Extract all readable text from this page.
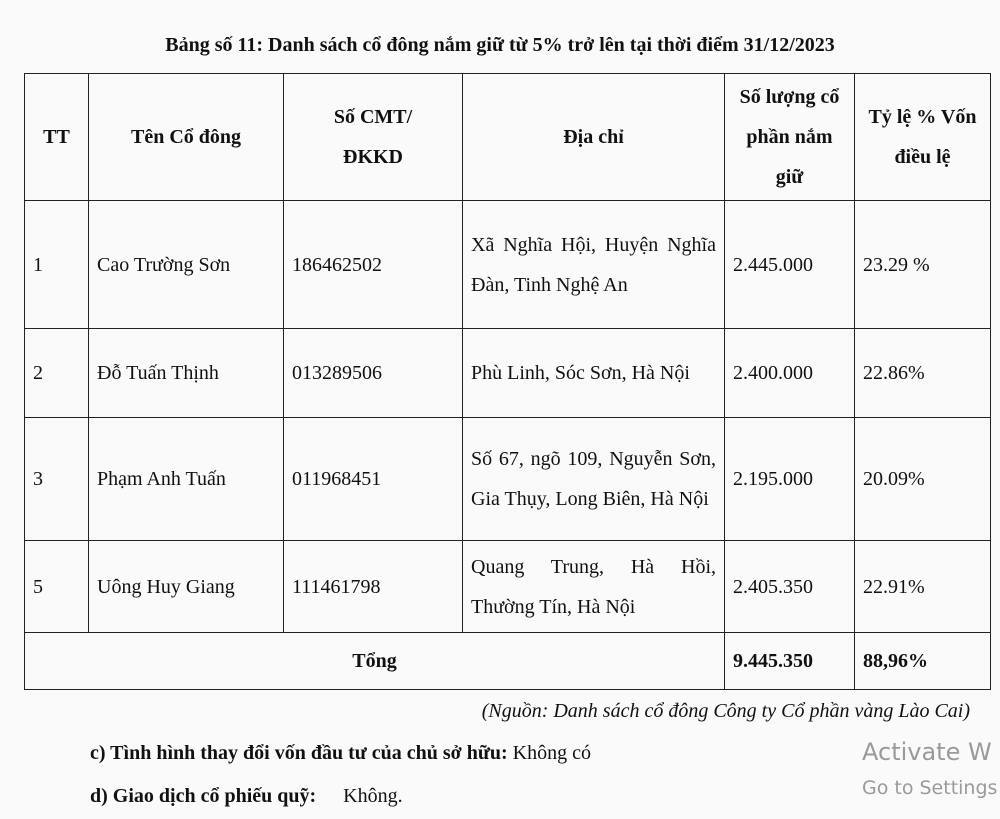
Bảng số 11: Danh sách cổ đông nắm giữ từ 5% trở lên tại thời điểm 31/12/2023
TT	Tên Cổ đông	Số CMT/ĐKKD	Địa chỉ	Số lượng cổ phần nắm giữ	Tỷ lệ % Vốn điều lệ
1	Cao Trường Sơn	186462502	Xã Nghĩa Hội, Huyện Nghĩa Đàn, Tinh Nghệ An	2.445.000	23.29 %
2	Đỗ Tuấn Thịnh	013289506	Phù Linh, Sóc Sơn, Hà Nội	2.400.000	22.86%
3	Phạm Anh Tuấn	011968451	Số 67, ngõ 109, Nguyễn Sơn, Gia Thụy, Long Biên, Hà Nội	2.195.000	20.09%
5	Uông Huy Giang	111461798	Quang Trung, Hà Hồi, Thường Tín, Hà Nội	2.405.350	22.91%
Tổng				9.445.350	88,96%
(Nguồn: Danh sách cổ đông Công ty Cổ phần vàng Lào Cai)
c) Tình hình thay đổi vốn đầu tư của chủ sở hữu: Không có
d) Giao dịch cổ phiếu quỹ: Không.
Activate W
Go to Settings
